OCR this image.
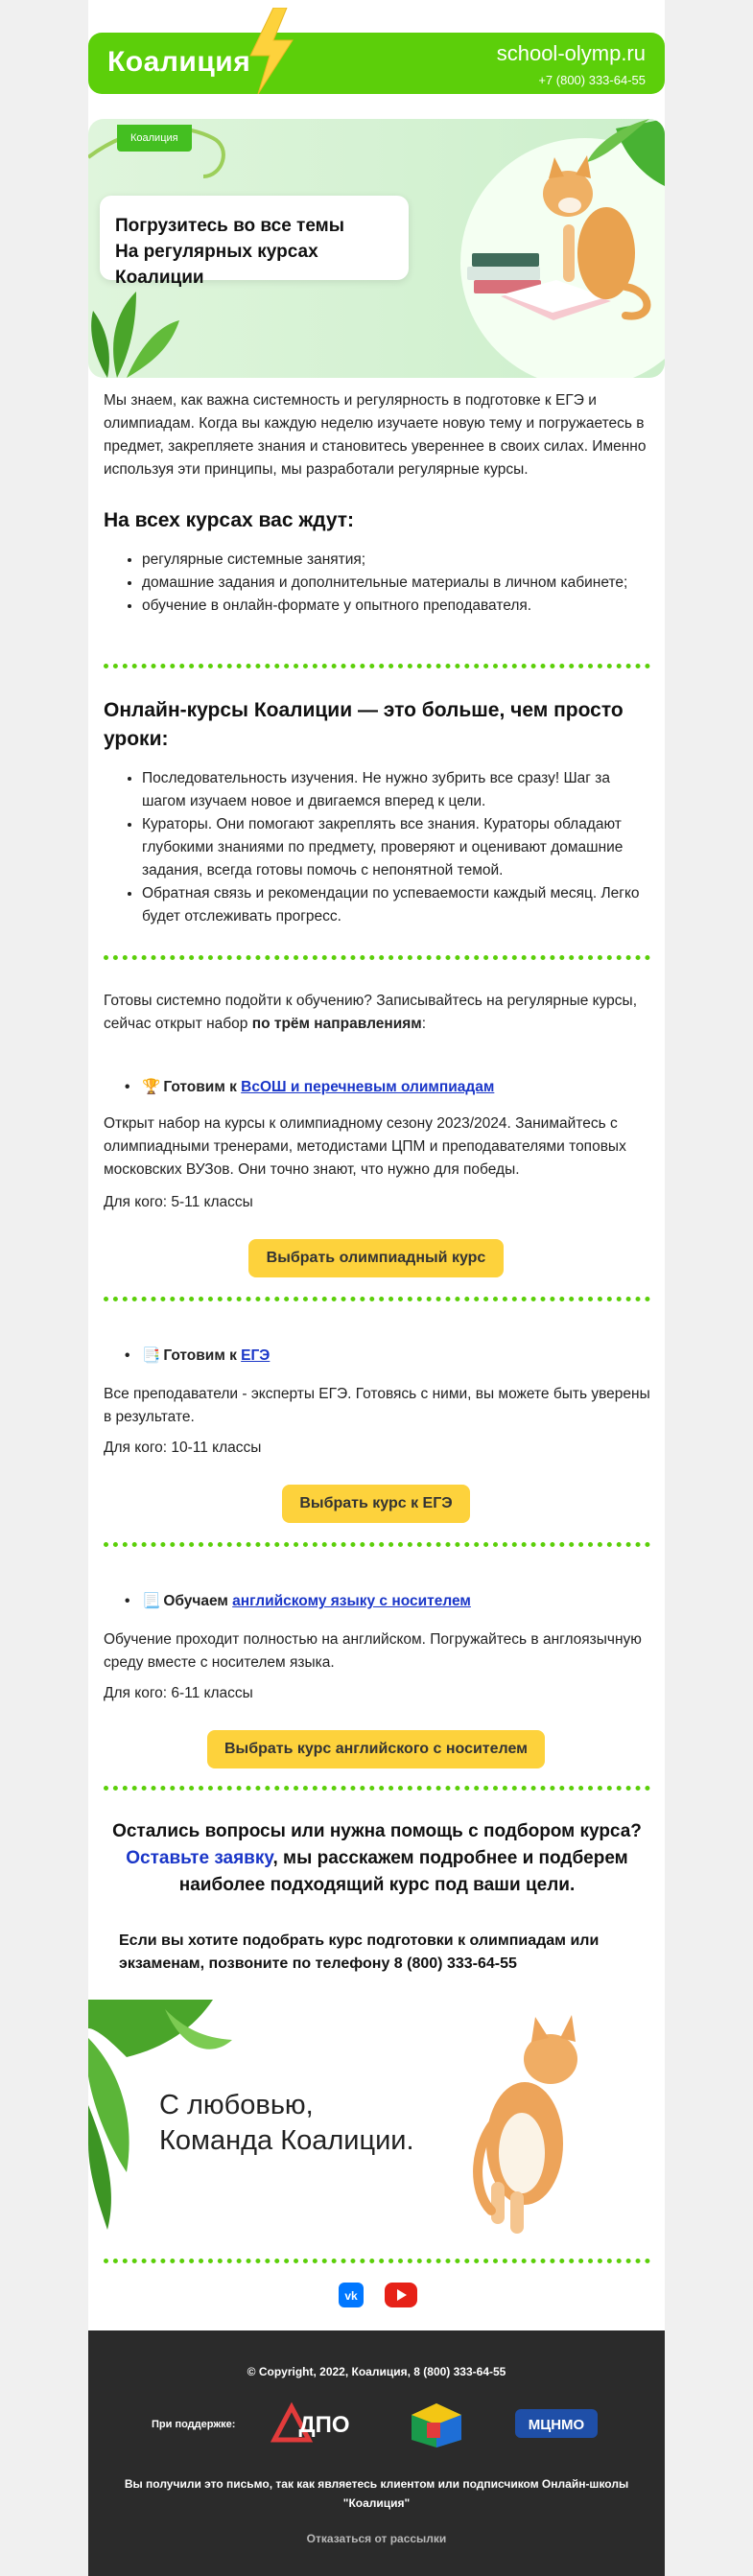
Коалиция	school-olymp.ru
+7 (800) 333-64-55
Коалиция
Погрузитесь во все темы
На регулярных курсах Коалиции
Мы знаем, как важна системность и регулярность в подготовке к ЕГЭ и олимпиадам. Когда вы каждую неделю изучаете новую тему и погружаетесь в предмет, закрепляете знания и становитесь увереннее в своих силах. Именно используя эти принципы, мы разработали регулярные курсы.
На всех курсах вас ждут:
• регулярные системные занятия;
• домашние задания и дополнительные материалы в личном кабинете;
• обучение в онлайн-формате у опытного преподавателя.
Онлайн-курсы Коалиции — это больше, чем просто уроки:
• Последовательность изучения. Не нужно зубрить все сразу! Шаг за шагом изучаем новое и двигаемся вперед к цели.
• Кураторы. Они помогают закреплять все знания. Кураторы обладают глубокими знаниями по предмету, проверяют и оценивают домашние задания, всегда готовы помочь с непонятной темой.
• Обратная связь и рекомендации по успеваемости каждый месяц. Легко будет отслеживать прогресс.
Готовы системно подойти к обучению? Записывайтесь на регулярные курсы, сейчас открыт набор по трём направлениям:
• 🏆 Готовим к ВсОШ и перечневым олимпиадам
Открыт набор на курсы к олимпиадному сезону 2023/2024. Занимайтесь с олимпиадными тренерами, методистами ЦПМ и преподавателями топовых московских ВУЗов. Они точно знают, что нужно для победы.
Для кого: 5-11 классы
Выбрать олимпиадный курс
• 📑 Готовим к ЕГЭ
Все преподаватели - эксперты ЕГЭ. Готовясь с ними, вы можете быть уверены в результате.
Для кого: 10-11 классы
Выбрать курс к ЕГЭ
• 📃 Обучаем английскому языку с носителем
Обучение проходит полностью на английском. Погружайтесь в англоязычную среду вместе с носителем языка.
Для кого: 6-11 классы
Выбрать курс английского с носителем
Остались вопросы или нужна помощь с подбором курса?
Оставьте заявку, мы расскажем подробнее и подберем наиболее подходящий курс под ваши цели.
Если вы хотите подобрать курс подготовки к олимпиадам или экзаменам, позвоните по телефону 8 (800) 333-64-55
С любовью,
Команда Коалиции.
vk
© Copyright, 2022, Коалиция, 8 (800) 333-64-55
При поддержке:	ДПО	МЦНМО
Вы получили это письмо, так как являетесь клиентом или подписчиком Онлайн-школы "Коалиция"
Отказаться от рассылки
